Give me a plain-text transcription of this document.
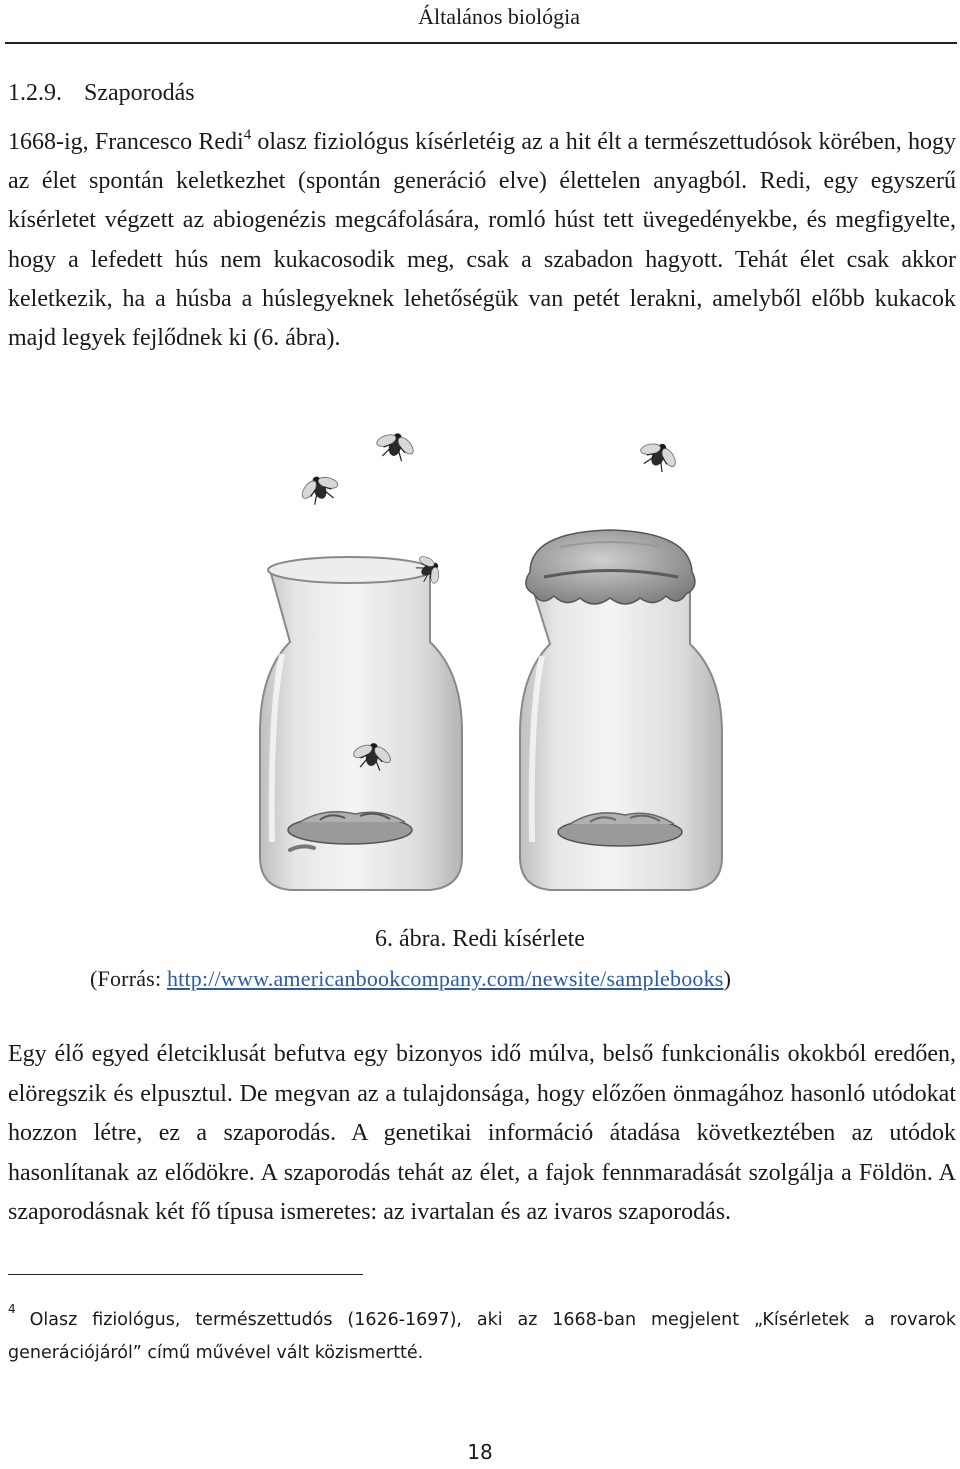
Általános biológia
1.2.9. Szaporodás

1668-ig, Francesco Redi$^4$ olasz fiziológus kísérletéig az a hit élt a természettudósok körében, hogy az élet spontán keletkezhet (spontán generáció elve) élettelen anyagból. Redi, egy egyszerű kísérletet végzett az abiogenézis megcáfolására, romló húst tett üvegedényekbe, és megfigyelte, hogy a lefedett hús nem kukacosodik meg, csak a szabadon hagyott. Tehát élet csak akkor keletkezik, ha a húsba a húslegyeknek lehetőségük van petét lerakni, amelyből előbb kukacok majd legyek fejlődnek ki (6. ábra).

6. ábra. Redi kísérlete
(Forrás: http://www.americanbookcompany.com/newsite/samplebooks)

Egy élő egyed életciklusát befutva egy bizonyos idő múlva, belső funkcionális okokból eredően, elöregszik és elpusztul. De megvan az a tulajdonsága, hogy előzően önmagához hasonló utódokat hozzon létre, ez a szaporodás. A genetikai információ átadása következtében az utódok hasonlítanak az elődökre. A szaporodás tehát az élet, a fajok fennmaradását szolgálja a Földön. A szaporodásnak két fő típusa ismeretes: az ivartalan és az ivaros szaporodás.

$^4$Olasz fiziológus, természettudós (1626-1697), aki az 1668-ban megjelent „Kísérletek a rovarok generációjáról” című művével vált közismertté.

18
